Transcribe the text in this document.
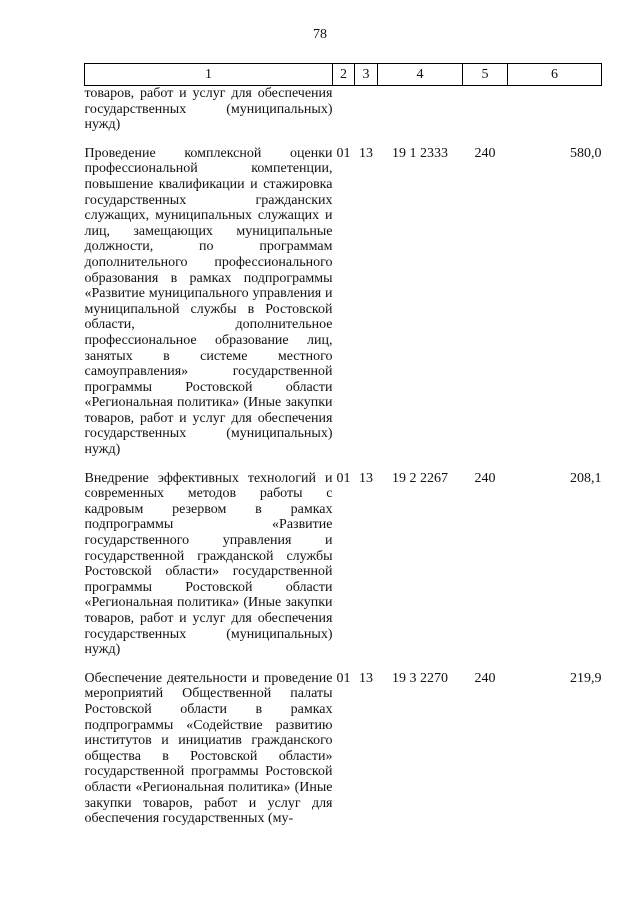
78
1	2	3	4	5	6
товаров, работ и услуг для обеспечения государственных (муниципальных) нужд)					
Проведение комплексной оценки профессиональной компетенции, повышение квалификации и стажировка государственных гражданских служащих, муниципальных служащих и лиц, замещающих муниципальные должности, по программам дополнительного профессионального образования в рамках подпрограммы «Развитие муниципального управления и муниципальной службы в Ростовской области, дополнительное профессиональное образование лиц, занятых в системе местного самоуправления» государственной программы Ростовской области «Региональная политика» (Иные закупки товаров, работ и услуг для обеспечения государственных (муниципальных) нужд)	01	13	19 1 2333	240	580,0
Внедрение эффективных технологий и современных методов работы с кадровым резервом в рамках подпрограммы «Развитие государственного управления и государственной гражданской службы Ростовской области» государственной программы Ростовской области «Региональная политика» (Иные закупки товаров, работ и услуг для обеспечения государственных (муниципальных) нужд)	01	13	19 2 2267	240	208,1
Обеспечение деятельности и проведение мероприятий Общественной палаты Ростовской области в рамках подпрограммы «Содействие развитию институтов и инициатив гражданского общества в Ростовской области» государственной программы Ростовской области «Региональная политика» (Иные закупки товаров, работ и услуг для обеспечения государственных (му-	01	13	19 3 2270	240	219,9
